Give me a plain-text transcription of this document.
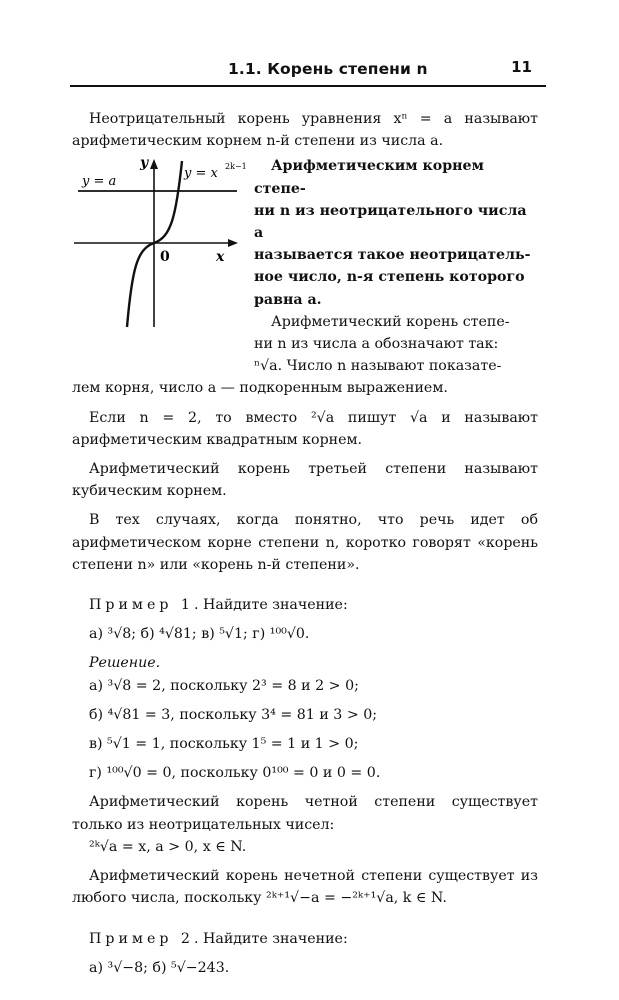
1.1. Корень степени n	11

Неотрицательный корень уравнения xⁿ = a называют арифметическим корнем n-й степени из числа a.

y
x
0
y = a
y = x 2k−1	Арифметическим корнем степе-
ни n из неотрицательного числа a
называется такое неотрицатель-
ное число, n-я степень которого
равна a.
Арифметический корень степе-
ни n из числа a обозначают так:
ⁿ√a. Число n называют показате-

лем корня, число a — подкоренным выражением.

Если n = 2, то вместо ²√a пишут √a и называют арифметическим квадратным корнем.

Арифметический корень третьей степени называют кубическим корнем.

В тех случаях, когда понятно, что речь идет об арифметическом корне степени n, коротко говорят «корень степени n» или «корень n-й степени».

Пример 1. Найдите значение:

а) ³√8; б) ⁴√81; в) ⁵√1; г) ¹⁰⁰√0.

Решение.

а) ³√8 = 2, поскольку 2³ = 8 и 2 > 0;

б) ⁴√81 = 3, поскольку 3⁴ = 81 и 3 > 0;

в) ⁵√1 = 1, поскольку 1⁵ = 1 и 1 > 0;

г) ¹⁰⁰√0 = 0, поскольку 0¹⁰⁰ = 0 и 0 = 0.

Арифметический корень четной степени существует только из неотрицательных чисел:

²ᵏ√a = x, a > 0, x ∈ N.

Арифметический корень нечетной степени существует из любого числа, поскольку ²ᵏ⁺¹√−a = −²ᵏ⁺¹√a, k ∈ N.

Пример 2. Найдите значение:

а) ³√−8; б) ⁵√−243.
